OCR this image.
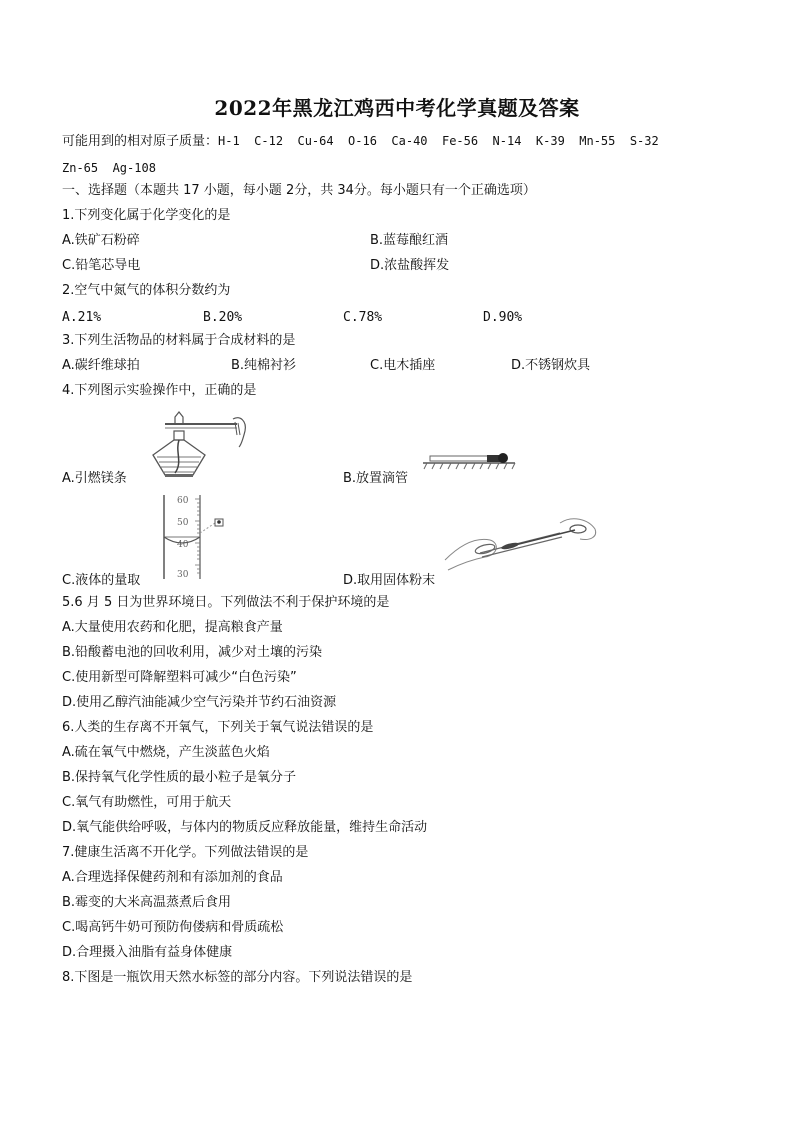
2022年黑龙江鸡西中考化学真题及答案
可能用到的相对原子质量：H-1  C-12  Cu-64  O-16  Ca-40  Fe-56  N-14  K-39  Mn-55  S-32
Zn-65  Ag-108
一、选择题（本题共 17 小题，每小题 2分，共 34分。每小题只有一个正确选项）
1.下列变化属于化学变化的是
A.铁矿石粉碎	B.蓝莓酿红酒
C.铅笔芯导电	D.浓盐酸挥发
2.空气中氮气的体积分数约为
A.21%	B.20%	C.78%	D.90%
3.下列生活物品的材料属于合成材料的是
A.碳纤维球拍	B.纯棉衬衫	C.电木插座	D.不锈钢炊具
4.下列图示实验操作中，正确的是
A.引燃镁条	B.放置滴管
60
50
40
30
C.液体的量取	D.取用固体粉末
5.6 月 5 日为世界环境日。下列做法不利于保护环境的是
A.大量使用农药和化肥，提高粮食产量
B.铅酸蓄电池的回收利用，减少对土壤的污染
C.使用新型可降解塑料可减少“白色污染”
D.使用乙醇汽油能减少空气污染并节约石油资源
6.人类的生存离不开氧气，下列关于氧气说法错误的是
A.硫在氧气中燃烧，产生淡蓝色火焰
B.保持氧气化学性质的最小粒子是氧分子
C.氧气有助燃性，可用于航天
D.氧气能供给呼吸，与体内的物质反应释放能量，维持生命活动
7.健康生活离不开化学。下列做法错误的是
A.合理选择保健药剂和有添加剂的食品
B.霉变的大米高温蒸煮后食用
C.喝高钙牛奶可预防佝偻病和骨质疏松
D.合理摄入油脂有益身体健康
8.下图是一瓶饮用天然水标签的部分内容。下列说法错误的是
